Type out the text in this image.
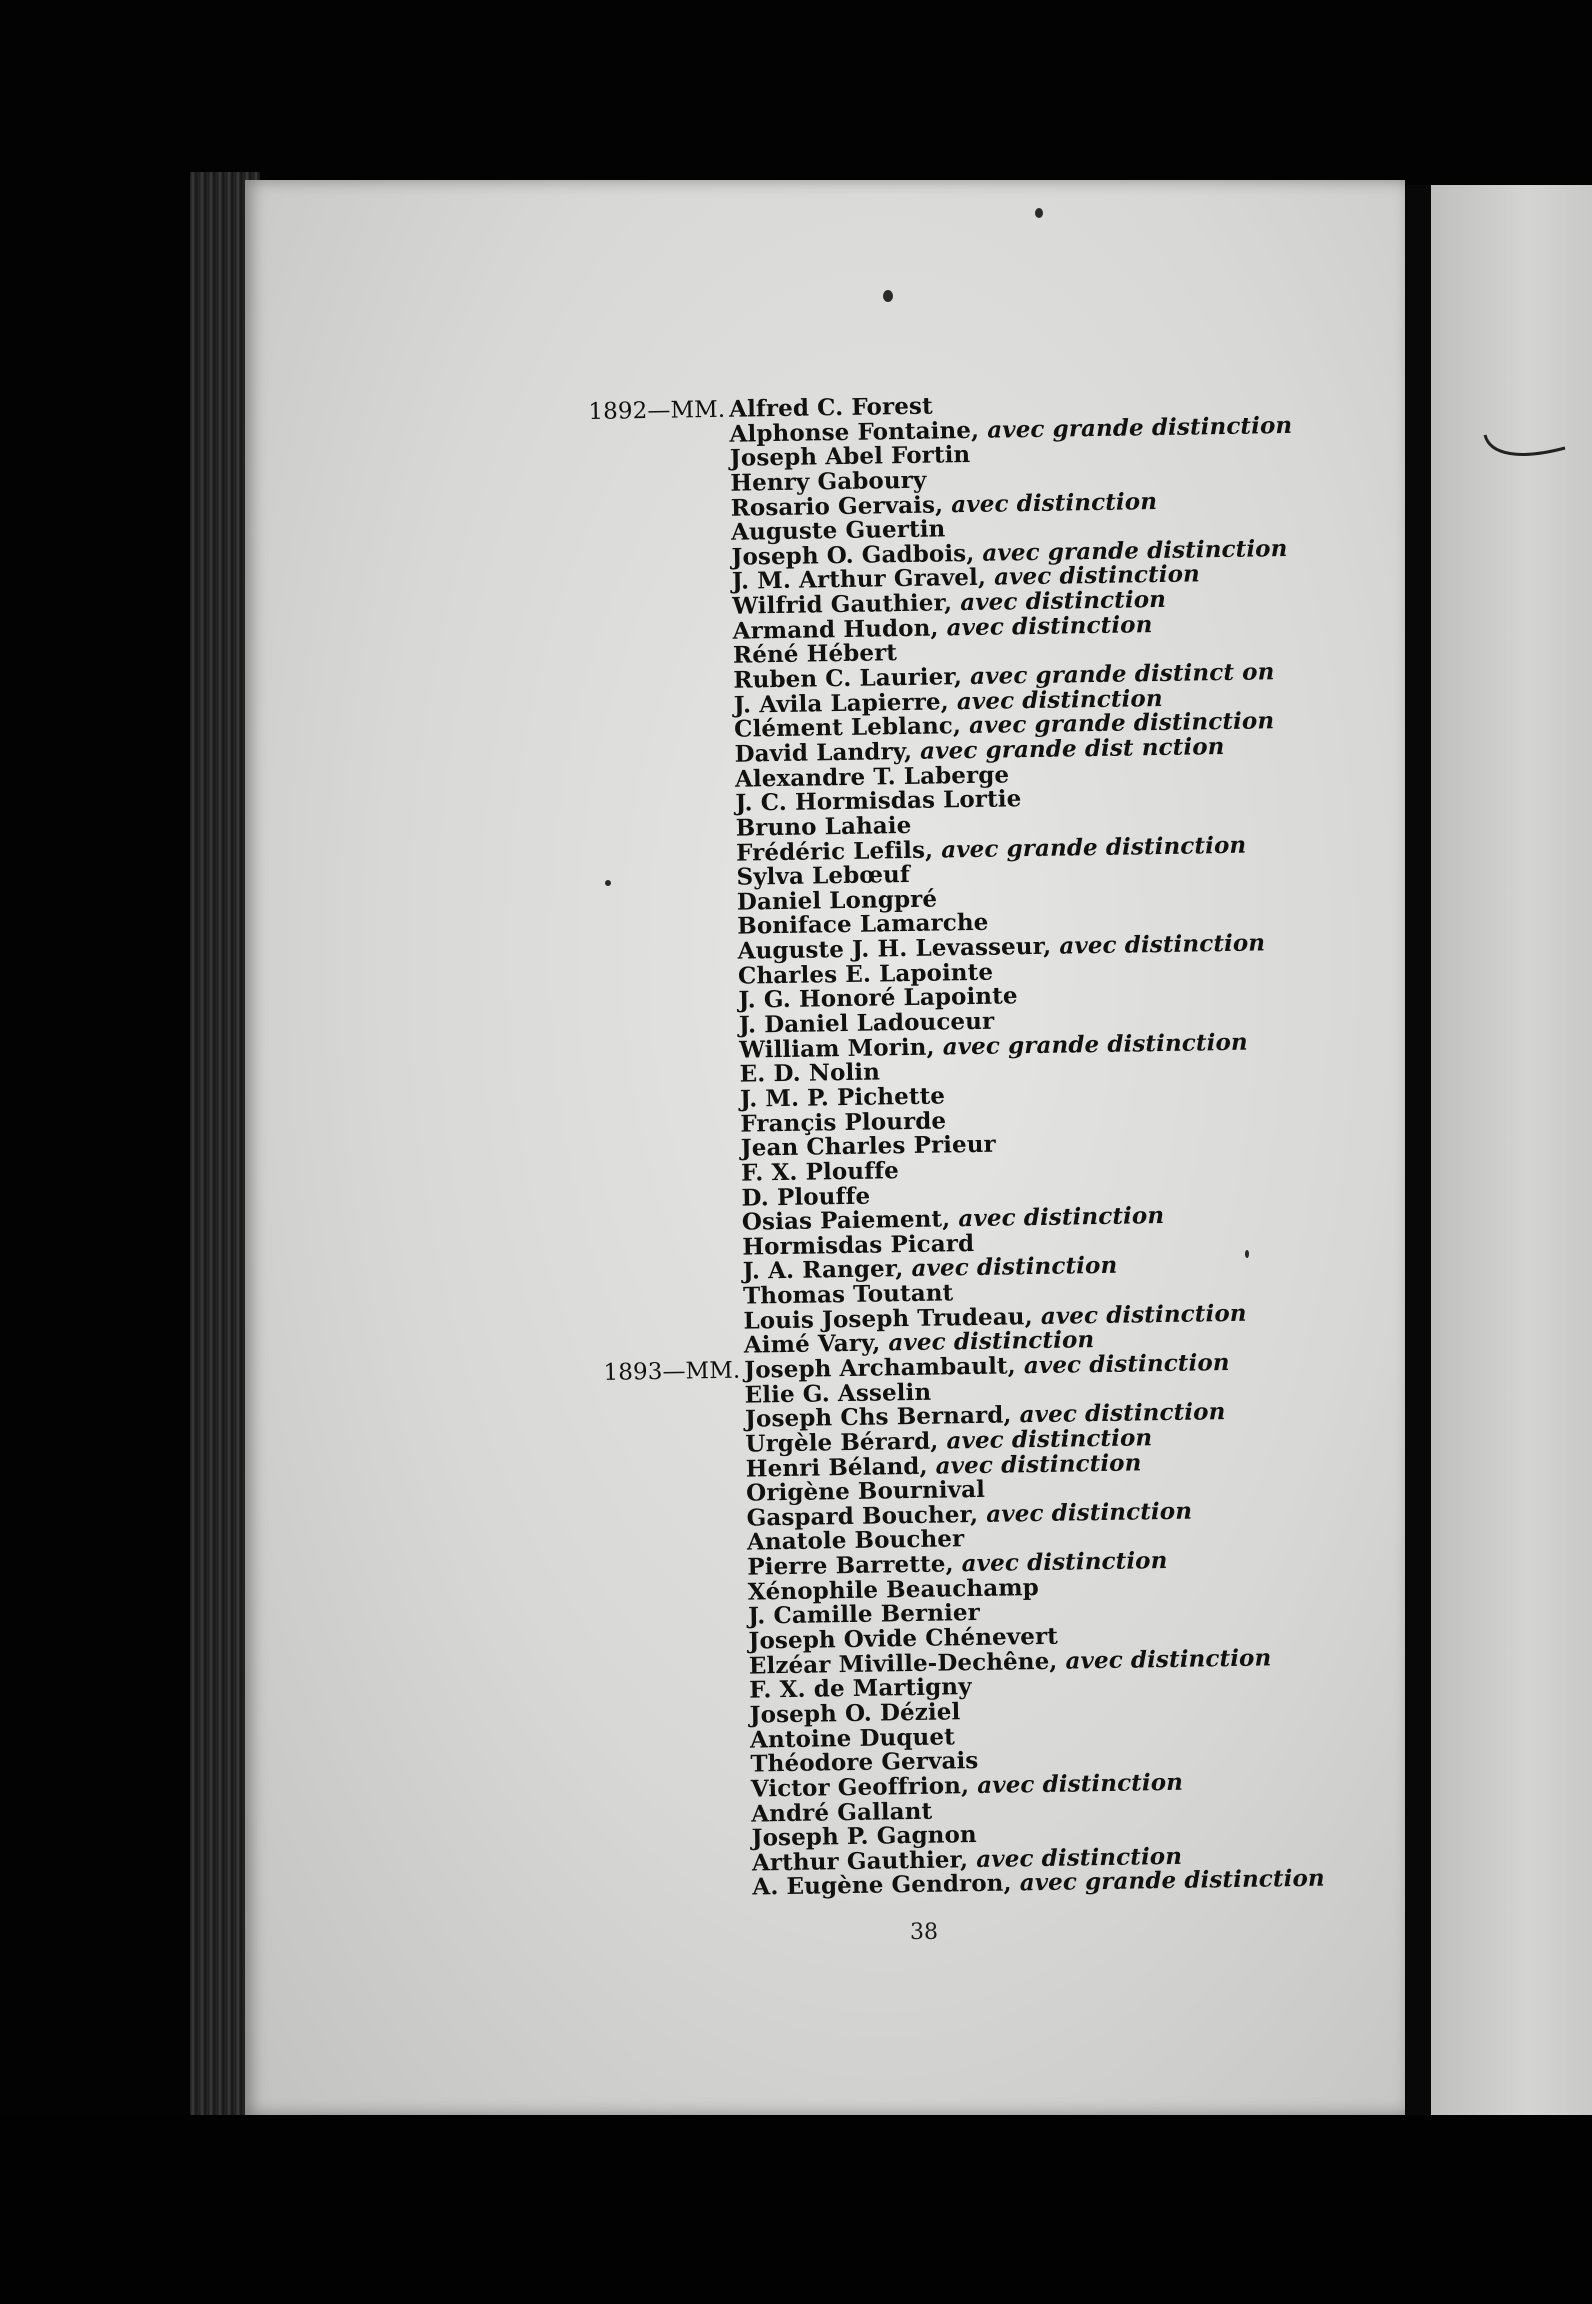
1892—MM. Alfred C. Forest
Alphonse Fontaine, avec grande distinction
Joseph Abel Fortin
Henry Gaboury
Rosario Gervais, avec distinction
Auguste Guertin
Joseph O. Gadbois, avec grande distinction
J. M. Arthur Gravel, avec distinction
Wilfrid Gauthier, avec distinction
Armand Hudon, avec distinction
Réné Hébert
Ruben C. Laurier, avec grande distinct on
J. Avila Lapierre, avec distinction
Clément Leblanc, avec grande distinction
David Landry, avec grande dist nction
Alexandre T. Laberge
J. C. Hormisdas Lortie
Bruno Lahaie
Frédéric Lefils, avec grande distinction
Sylva Lebœuf
Daniel Longpré
Boniface Lamarche
Auguste J. H. Levasseur, avec distinction
Charles E. Lapointe
J. G. Honoré Lapointe
J. Daniel Ladouceur
William Morin, avec grande distinction
E. D. Nolin
J. M. P. Pichette
Françis Plourde
Jean Charles Prieur
F. X. Plouffe
D. Plouffe
Osias Paiement, avec distinction
Hormisdas Picard
J. A. Ranger, avec distinction
Thomas Toutant
Louis Joseph Trudeau, avec distinction
Aimé Vary, avec distinction
1893—MM. Joseph Archambault, avec distinction
Elie G. Asselin
Joseph Chs Bernard, avec distinction
Urgèle Bérard, avec distinction
Henri Béland, avec distinction
Origène Bournival
Gaspard Boucher, avec distinction
Anatole Boucher
Pierre Barrette, avec distinction
Xénophile Beauchamp
J. Camille Bernier
Joseph Ovide Chénevert
Elzéar Miville-Dechêne, avec distinction
F. X. de Martigny
Joseph O. Déziel
Antoine Duquet
Théodore Gervais
Victor Geoffrion, avec distinction
André Gallant
Joseph P. Gagnon
Arthur Gauthier, avec distinction
A. Eugène Gendron, avec grande distinction
38
